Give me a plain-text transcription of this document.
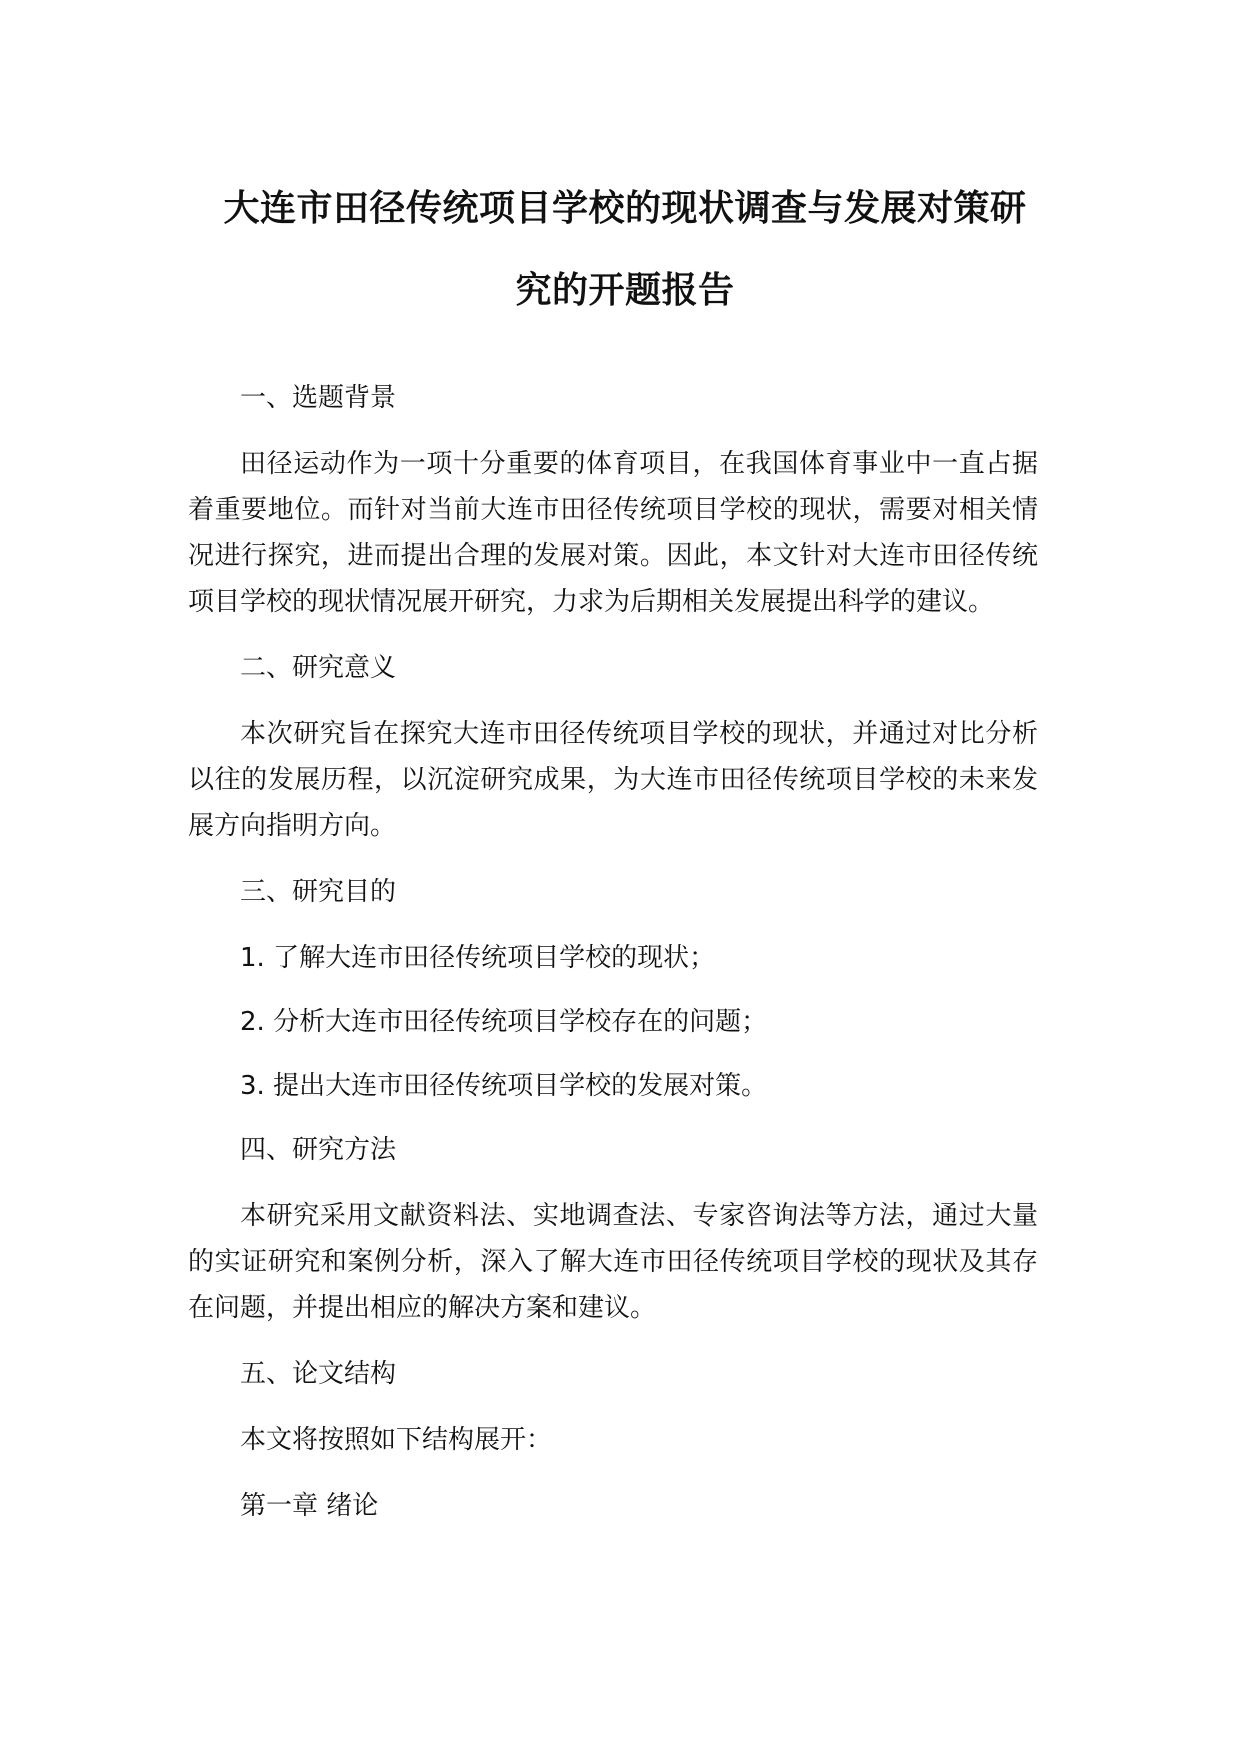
大连市田径传统项目学校的现状调查与发展对策研
究的开题报告

一、选题背景

田径运动作为一项十分重要的体育项目，在我国体育事业中一直占据着重要地位。而针对当前大连市田径传统项目学校的现状，需要对相关情况进行探究，进而提出合理的发展对策。因此，本文针对大连市田径传统项目学校的现状情况展开研究，力求为后期相关发展提出科学的建议。

二、研究意义

本次研究旨在探究大连市田径传统项目学校的现状，并通过对比分析以往的发展历程，以沉淀研究成果，为大连市田径传统项目学校的未来发展方向指明方向。

三、研究目的

1. 了解大连市田径传统项目学校的现状；

2. 分析大连市田径传统项目学校存在的问题；

3. 提出大连市田径传统项目学校的发展对策。

四、研究方法

本研究采用文献资料法、实地调查法、专家咨询法等方法，通过大量的实证研究和案例分析，深入了解大连市田径传统项目学校的现状及其存在问题，并提出相应的解决方案和建议。

五、论文结构

本文将按照如下结构展开：

第一章 绪论
